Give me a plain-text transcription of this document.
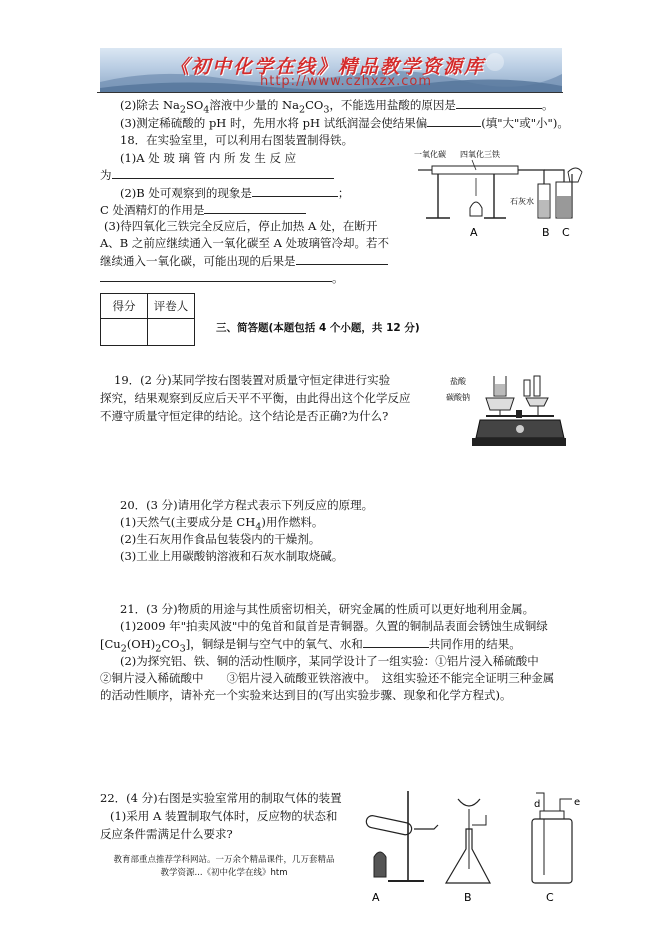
《初中化学在线》精品教学资源库
http://www.czhxzx.com
(2)除去 $Na_2SO_4$溶液中少量的 $Na_2CO_3$，不能选用盐酸的原因是	。
(3)测定稀硫酸的 pH 时，先用水将 pH 试纸润湿会使结果偏	(填"大"或"小")。
18．在实验室里，可以利用右图装置制得铁。
(1)A 处 玻 璃 管 内 所 发 生 反 应
为
(2)B 处可观察到的现象是	；
C 处酒精灯的作用是
(3)待四氧化三铁完全反应后，停止加热 A 处，在断开
A、B 之前应继续通入一氧化碳至 A 处玻璃管冷却。若不
继续通入一氧化碳，可能出现的后果是
。
一氧化碳 四氧化三铁
石灰水
A	B C
得分	评卷人

三、简答题(本题包括 4 个小题，共 12 分)
19．(2 分)某同学按右图装置对质量守恒定律进行实验
探究，结果观察到反应后天平不平衡，由此得出这个化学反应
不遵守质量守恒定律的结论。这个结论是否正确?为什么?
盐酸
碳酸钠
20．(3 分)请用化学方程式表示下列反应的原理。
(1)天然气(主要成分是 $CH_4$)用作燃料。
(2)生石灰用作食品包装袋内的干燥剂。
(3)工业上用碳酸钠溶液和石灰水制取烧碱。
21．(3 分)物质的用途与其性质密切相关，研究金属的性质可以更好地利用金属。
(1)2009 年"拍卖风波"中的兔首和鼠首是青铜器。久置的铜制品表面会锈蚀生成铜绿
$[Cu_2(OH)_2CO_3]$，铜绿是铜与空气中的氧气、水和	共同作用的结果。
(2)为探究铝、铁、铜的活动性顺序，某同学设计了一组实验：①铝片浸入稀硫酸中
②铜片浸入稀硫酸中　　③铝片浸入硫酸亚铁溶液中。　这组实验还不能完全证明三种金属
的活动性顺序，请补充一个实验来达到目的(写出实验步骤、现象和化学方程式)。
22．(4 分)右图是实验室常用的制取气体的装置
(1)采用 A 装置制取气体时，反应物的状态和
反应条件需满足什么要求?
A	B
d	e
C
教育部重点推荐学科网站。一万余个精品课件，几万套精品
教学资源...《初中化学在线》htm
